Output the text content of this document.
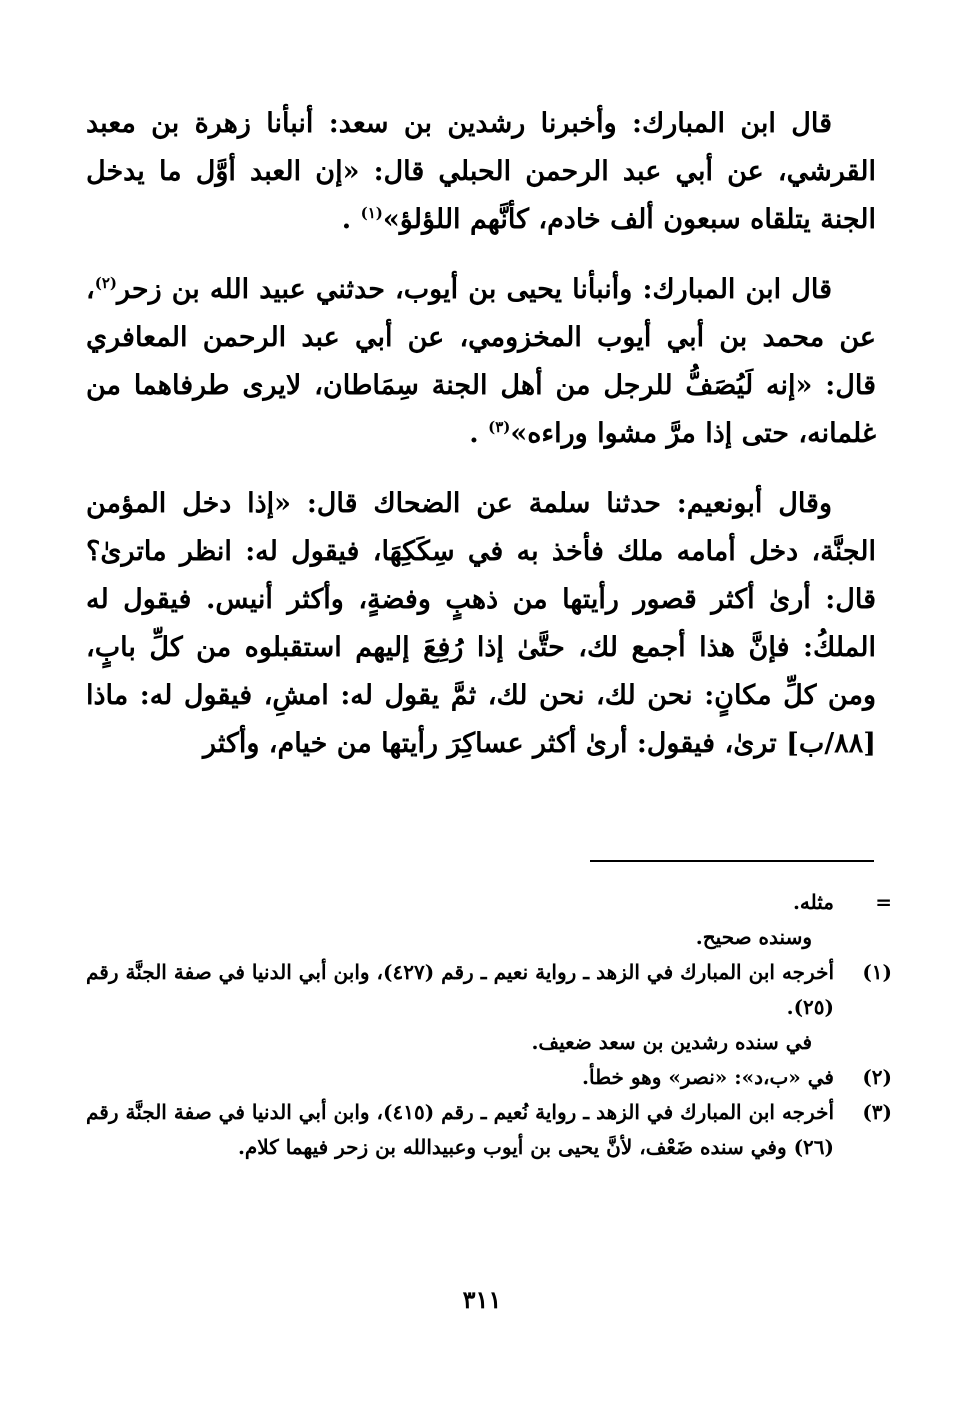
قال ابن المبارك: وأخبرنا رشدين بن سعد: أنبأنا زهرة بن معبد القرشي، عن أبي عبد الرحمن الحبلي قال: «إن العبد أوَّل ما يدخل الجنة يتلقاه سبعون ألف خادم، كأنَّهم اللؤلؤ»$^{(١)}$ .

قال ابن المبارك: وأنبأنا يحيى بن أيوب، حدثني عبيد الله بن زحر$^{(٢)}$، عن محمد بن أبي أيوب المخزومي، عن أبي عبد الرحمن المعافري قال: «إنه لَيُصَفُّ للرجل من أهل الجنة سِمَاطان، لايرى طرفاهما من غلمانه، حتى إذا مرَّ مشوا وراءه»$^{(٣)}$ .

وقال أبونعيم: حدثنا سلمة عن الضحاك قال: «إذا دخل المؤمن الجنَّة، دخل أمامه ملك فأخذ به في سِكَكِهَا، فيقول له: انظر ماترىٰ؟ قال: أرىٰ أكثر قصور رأيتها من ذهبٍ وفضةٍ، وأكثر أنيس. فيقول له الملكُ: فإنَّ هذا أجمع لك، حتَّىٰ إذا رُفِعَ إليهم استقبلوه من كلِّ بابٍ، ومن كلِّ مكانٍ: نحن لك، نحن لك، ثمَّ يقول له: امشِ، فيقول له: ماذا [٨٨/ب] ترىٰ، فيقول: أرىٰ أكثر عساكِرَ رأيتها من خيام، وأكثر

=
مثله.
وسنده صحيح.
(١)
أخرجه ابن المبارك في الزهد ـ رواية نعيم ـ رقم (٤٢٧)، وابن أبي الدنيا في صفة الجنَّة رقم (٢٥).
في سنده رشدين بن سعد ضعيف.
(٢)
في «ب،د»: «نصر» وهو خطأ.
(٣)
أخرجه ابن المبارك في الزهد ـ رواية نُعيم ـ رقم (٤١٥)، وابن أبي الدنيا في صفة الجنَّة رقم (٢٦) وفي سنده ضَعْف، لأنَّ يحيى بن أيوب وعبيدالله بن زحر فيهما كلام.
٣١١
